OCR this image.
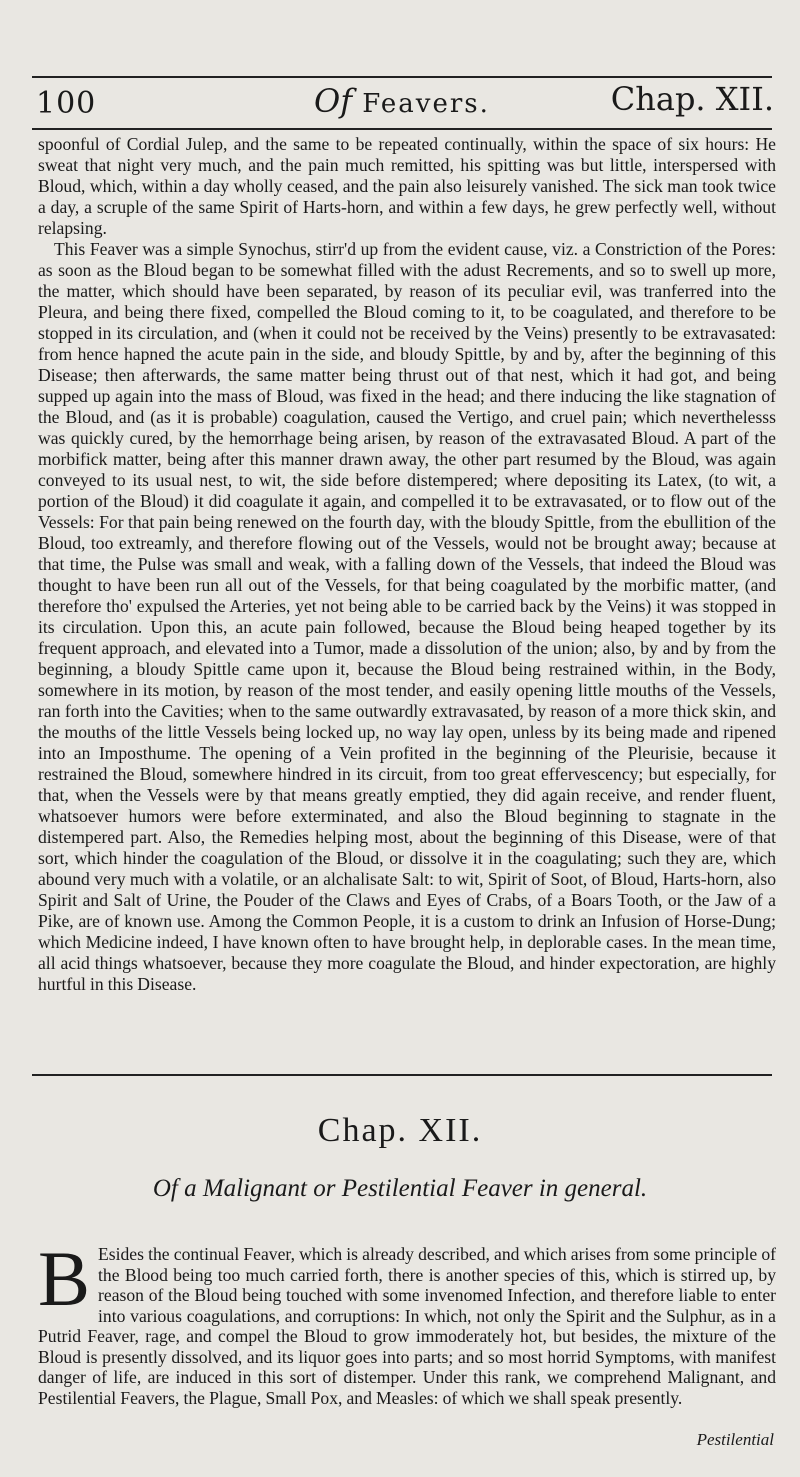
100	Of Feavers.	Chap. XII.

spoonful of Cordial Julep, and the same to be repeated continually, within the space of six hours: He sweat that night very much, and the pain much remitted, his spitting was but little, interspersed with Bloud, which, within a day wholly ceased, and the pain also leisurely vanished. The sick man took twice a day, a scruple of the same Spirit of Harts-horn, and within a few days, he grew perfectly well, without relapsing.

This Feaver was a simple Synochus, stirr'd up from the evident cause, viz. a Constriction of the Pores: as soon as the Bloud began to be somewhat filled with the adust Recrements, and so to swell up more, the matter, which should have been separated, by reason of its peculiar evil, was tranferred into the Pleura, and being there fixed, compelled the Bloud coming to it, to be coagulated, and therefore to be stopped in its circulation, and (when it could not be received by the Veins) presently to be extravasated: from hence hapned the acute pain in the side, and bloudy Spittle, by and by, after the beginning of this Disease; then afterwards, the same matter being thrust out of that nest, which it had got, and being supped up again into the mass of Bloud, was fixed in the head; and there inducing the like stagnation of the Bloud, and (as it is probable) coagulation, caused the Vertigo, and cruel pain; which neverthelesss was quickly cured, by the hemorrhage being arisen, by reason of the extravasated Bloud. A part of the morbifick matter, being after this manner drawn away, the other part resumed by the Bloud, was again conveyed to its usual nest, to wit, the side before distempered; where depositing its Latex, (to wit, a portion of the Bloud) it did coagulate it again, and compelled it to be extravasated, or to flow out of the Vessels: For that pain being renewed on the fourth day, with the bloudy Spittle, from the ebullition of the Bloud, too extreamly, and therefore flowing out of the Vessels, would not be brought away; because at that time, the Pulse was small and weak, with a falling down of the Vessels, that indeed the Bloud was thought to have been run all out of the Vessels, for that being coagulated by the morbific matter, (and therefore tho' expulsed the Arteries, yet not being able to be carried back by the Veins) it was stopped in its circulation. Upon this, an acute pain followed, because the Bloud being heaped together by its frequent approach, and elevated into a Tumor, made a dissolution of the union; also, by and by from the beginning, a bloudy Spittle came upon it, because the Bloud being restrained within, in the Body, somewhere in its motion, by reason of the most tender, and easily opening little mouths of the Vessels, ran forth into the Cavities; when to the same outwardly extravasated, by reason of a more thick skin, and the mouths of the little Vessels being locked up, no way lay open, unless by its being made and ripened into an Imposthume. The opening of a Vein profited in the beginning of the Pleurisie, because it restrained the Bloud, somewhere hindred in its circuit, from too great effervescency; but especially, for that, when the Vessels were by that means greatly emptied, they did again receive, and render fluent, whatsoever humors were before exterminated, and also the Bloud beginning to stagnate in the distempered part. Also, the Remedies helping most, about the beginning of this Disease, were of that sort, which hinder the coagulation of the Bloud, or dissolve it in the coagulating; such they are, which abound very much with a volatile, or an alchalisate Salt: to wit, Spirit of Soot, of Bloud, Harts-horn, also Spirit and Salt of Urine, the Pouder of the Claws and Eyes of Crabs, of a Boars Tooth, or the Jaw of a Pike, are of known use. Among the Common People, it is a custom to drink an Infusion of Horse-Dung; which Medicine indeed, I have known often to have brought help, in deplorable cases. In the mean time, all acid things whatsoever, because they more coagulate the Bloud, and hinder expectoration, are highly hurtful in this Disease.

Chap. XII.
Of a Malignant or Pestilential Feaver in general.
B Esides the continual Feaver, which is already described, and which arises from some principle of the Blood being too much carried forth, there is another species of this, which is stirred up, by reason of the Bloud being touched with some invenomed Infection, and therefore liable to enter into various coagulations, and corruptions: In which, not only the Spirit and the Sulphur, as in a Putrid Feaver, rage, and compel the Bloud to grow immoderately hot, but besides, the mixture of the Bloud is presently dissolved, and its liquor goes into parts; and so most horrid Symptoms, with manifest danger of life, are induced in this sort of distemper. Under this rank, we comprehend Malignant, and Pestilential Feavers, the Plague, Small Pox, and Measles: of which we shall speak presently.
Pestilential
